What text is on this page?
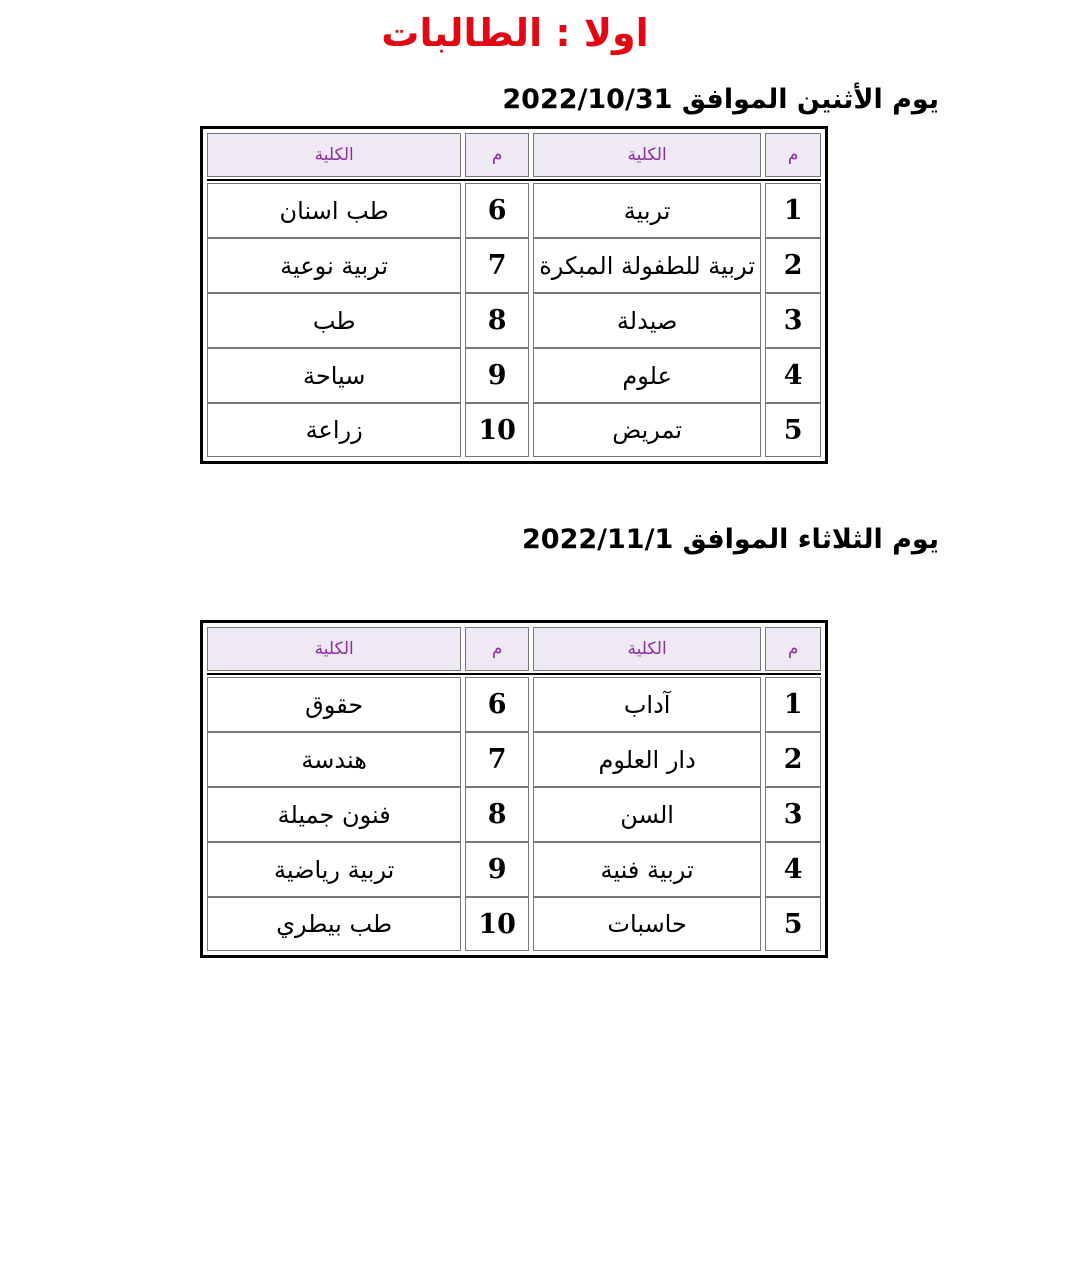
اولا : الطالبات
يوم الأثنين الموافق 2022/10/31
م
الكلية
م
الكلية
1
تربية
6
طب اسنان
2
تربية للطفولة المبكرة
7
تربية نوعية
3
صيدلة
8
طب
4
علوم
9
سياحة
5
تمريض
10
زراعة
يوم الثلاثاء الموافق 2022/11/1
م
الكلية
م
الكلية
1
آداب
6
حقوق
2
دار العلوم
7
هندسة
3
السن
8
فنون جميلة
4
تربية فنية
9
تربية رياضية
5
حاسبات
10
طب بيطري
